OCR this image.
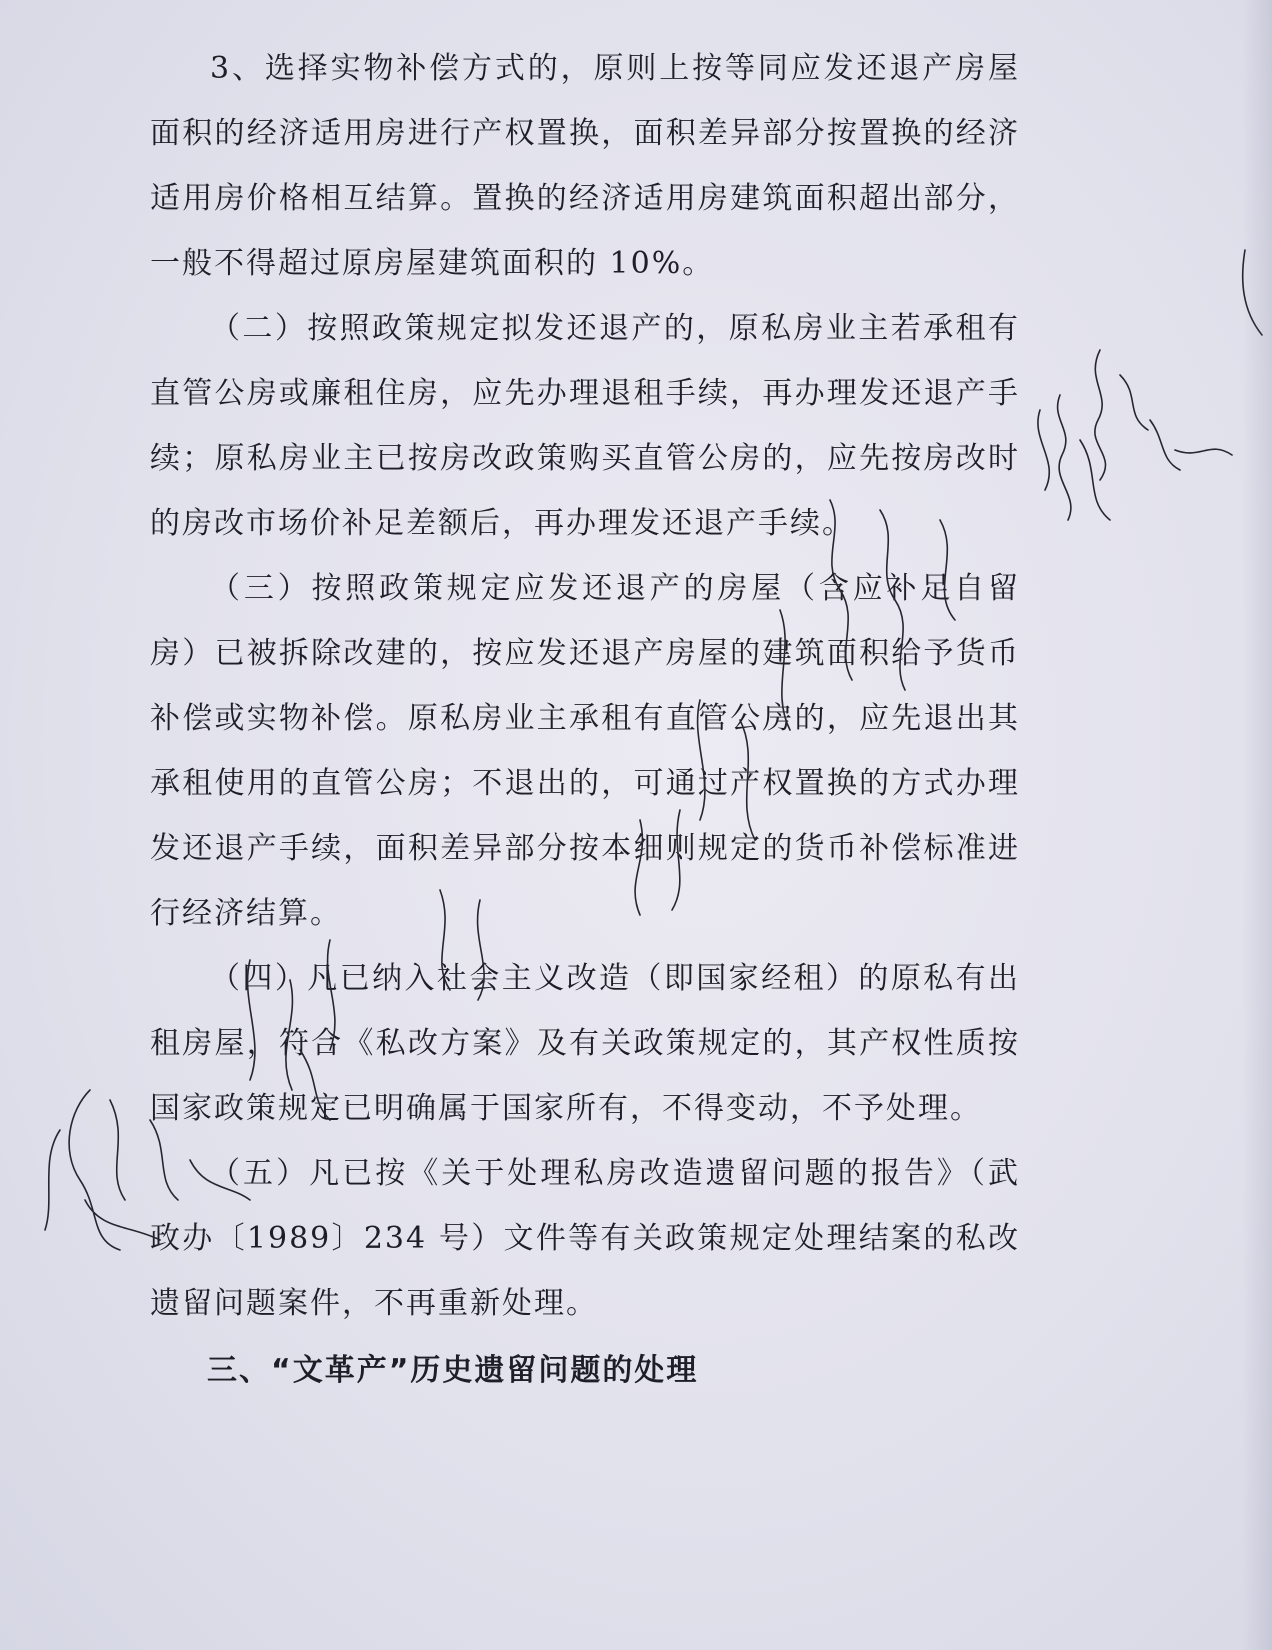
3、选择实物补偿方式的，原则上按等同应发还退产房屋面积的经济适用房进行产权置换，面积差异部分按置换的经济适用房价格相互结算。置换的经济适用房建筑面积超出部分，一般不得超过原房屋建筑面积的 10%。

（二）按照政策规定拟发还退产的，原私房业主若承租有直管公房或廉租住房，应先办理退租手续，再办理发还退产手续；原私房业主已按房改政策购买直管公房的，应先按房改时的房改市场价补足差额后，再办理发还退产手续。

（三）按照政策规定应发还退产的房屋（含应补足自留房）已被拆除改建的，按应发还退产房屋的建筑面积给予货币补偿或实物补偿。原私房业主承租有直管公房的，应先退出其承租使用的直管公房；不退出的，可通过产权置换的方式办理发还退产手续，面积差异部分按本细则规定的货币补偿标准进行经济结算。

（四）凡已纳入社会主义改造（即国家经租）的原私有出租房屋，符合《私改方案》及有关政策规定的，其产权性质按国家政策规定已明确属于国家所有，不得变动，不予处理。

（五）凡已按《关于处理私房改造遗留问题的报告》（武政办〔1989〕234 号）文件等有关政策规定处理结案的私改遗留问题案件，不再重新处理。

三、“文革产”历史遗留问题的处理
